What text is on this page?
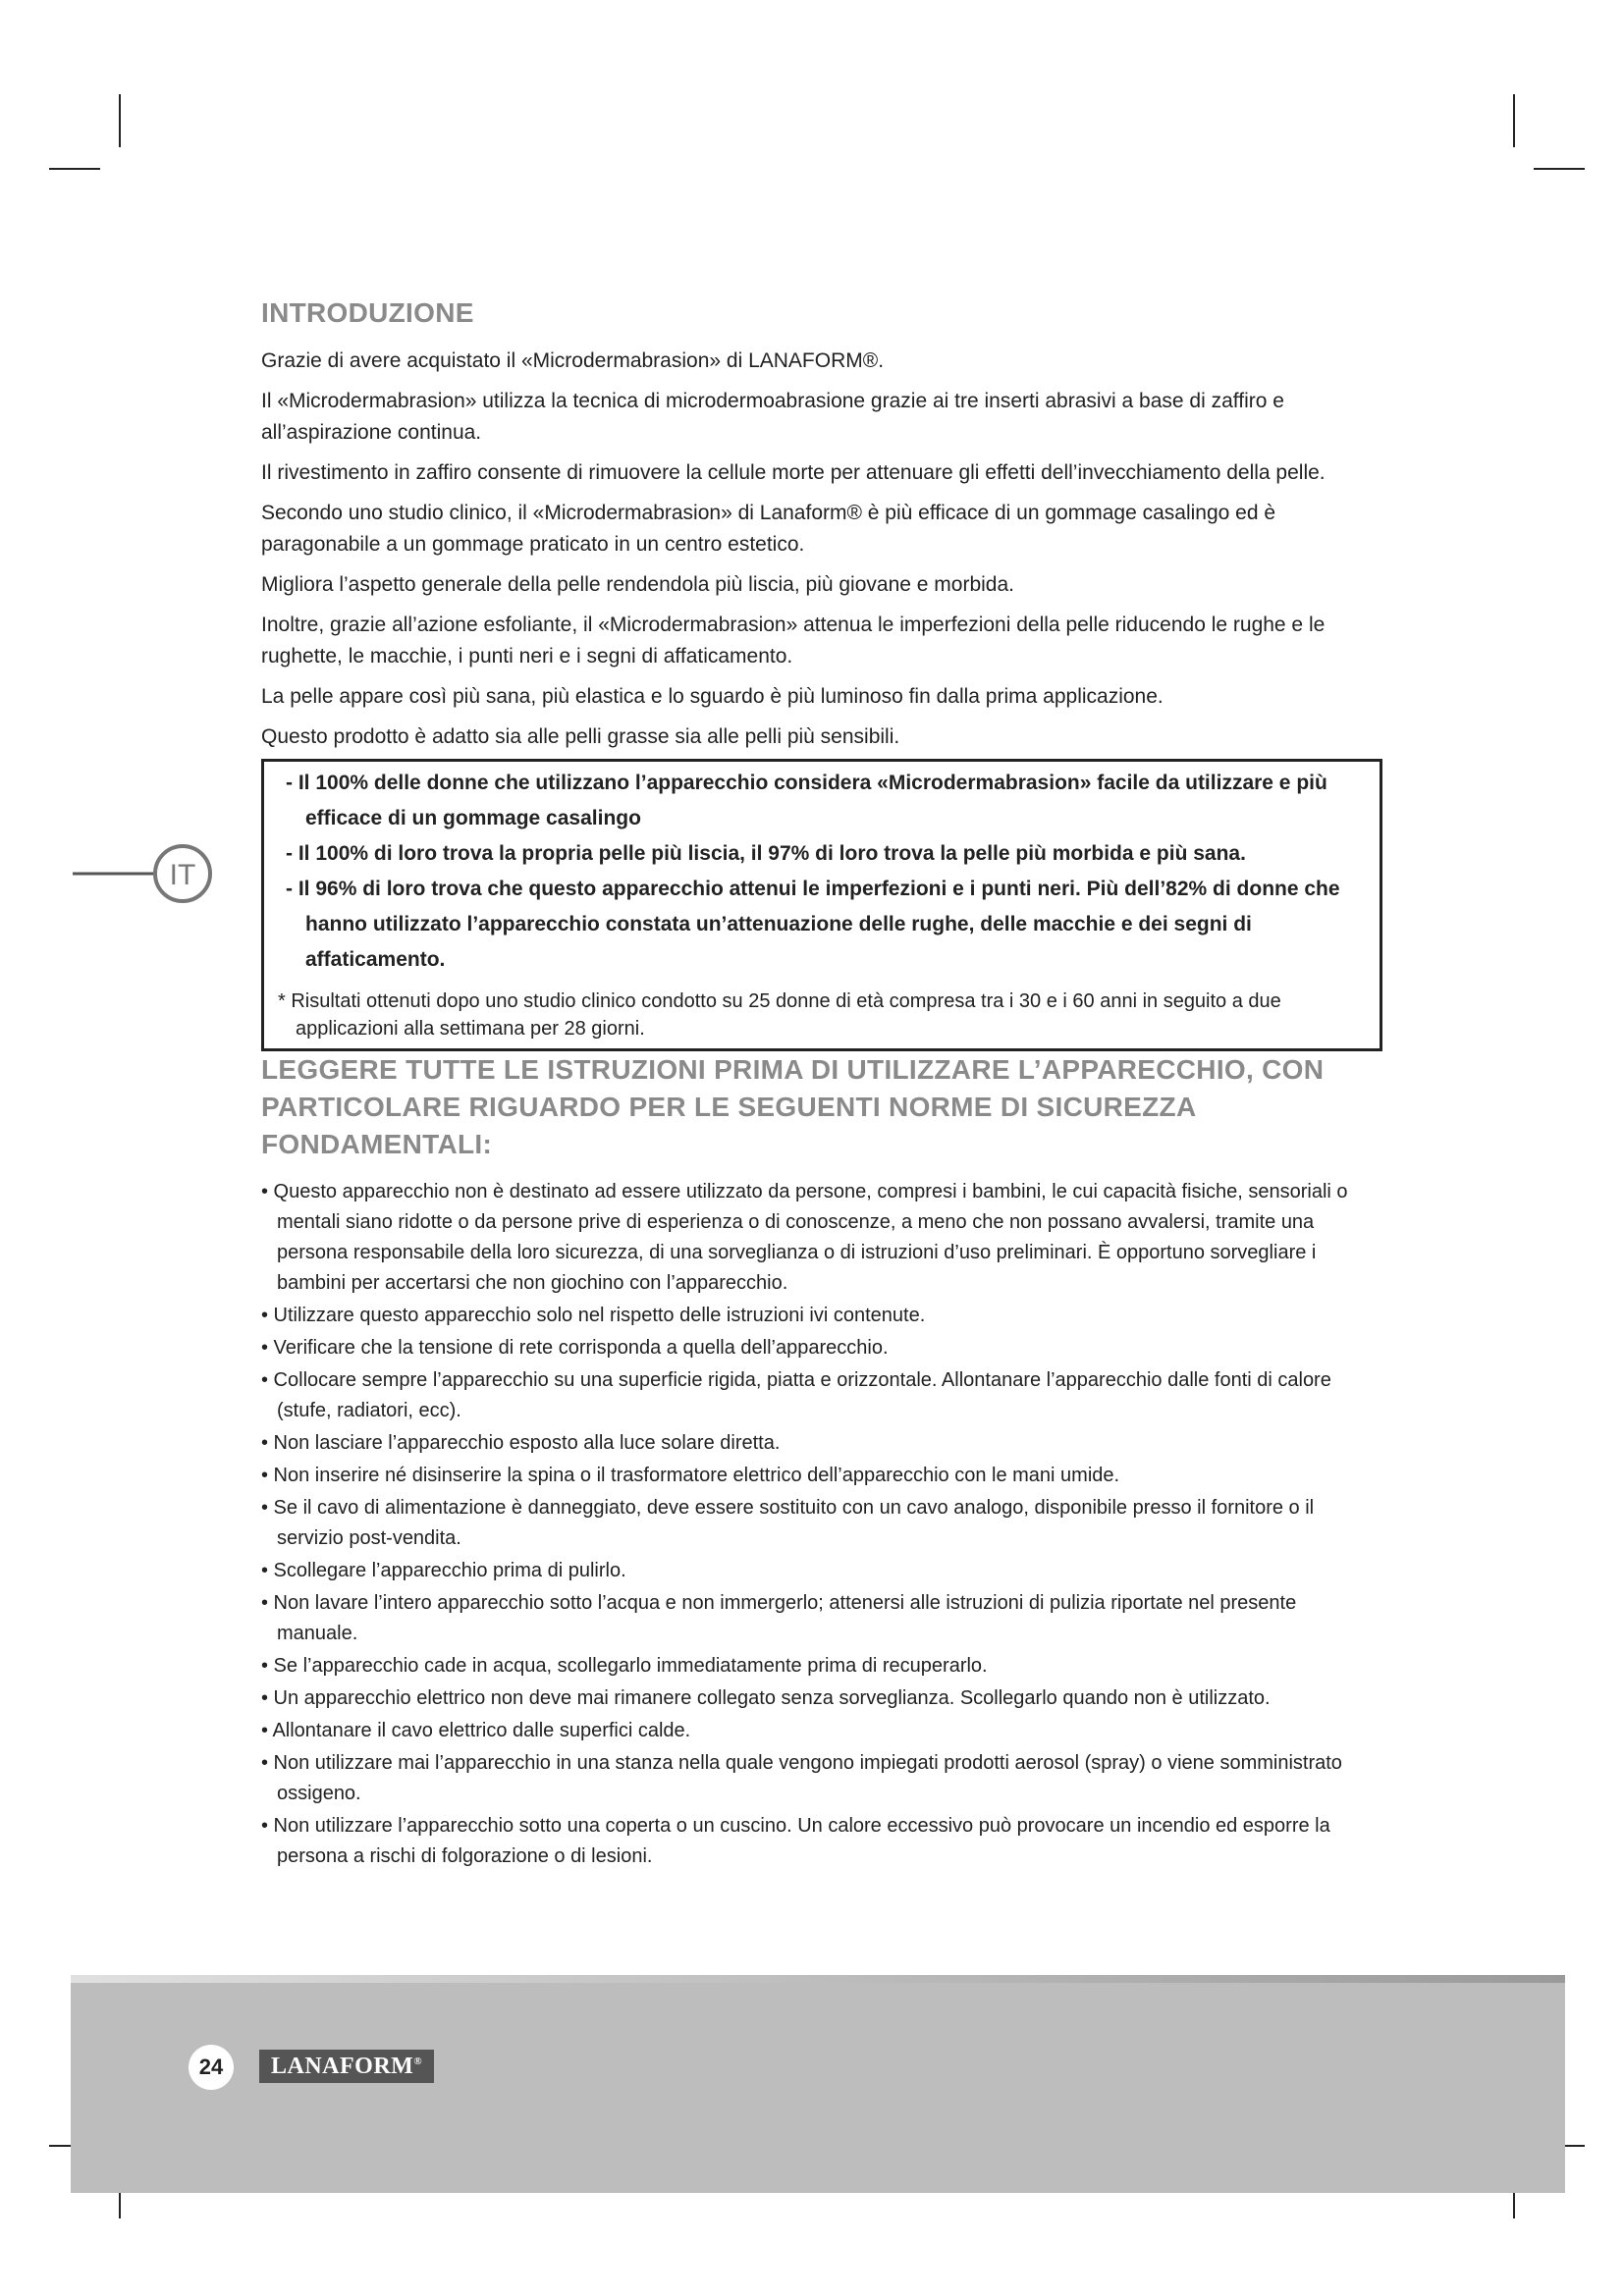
IT
INTRODUZIONE

Grazie di avere acquistato il «Microdermabrasion» di LANAFORM®.

Il «Microdermabrasion» utilizza la tecnica di microdermoabrasione grazie ai tre inserti abrasivi a base di zaffiro e all’aspirazione continua.

Il rivestimento in zaffiro consente di rimuovere la cellule morte per attenuare gli effetti dell’invecchiamento della pelle.

Secondo uno studio clinico, il «Microdermabrasion» di Lanaform® è più efficace di un gommage casalingo ed è paragonabile a un gommage praticato in un centro estetico.

Migliora l’aspetto generale della pelle rendendola più liscia, più giovane e morbida.

Inoltre, grazie all’azione esfoliante, il «Microdermabrasion» attenua le imperfezioni della pelle riducendo le rughe e le rughette, le macchie, i punti neri e i segni di affaticamento.

La pelle appare così più sana, più elastica e lo sguardo è più luminoso fin dalla prima applicazione.

Questo prodotto è adatto sia alle pelli grasse sia alle pelli più sensibili.

- Il 100% delle donne che utilizzano l’apparecchio considera «Microdermabrasion» facile da utilizzare e più efficace di un gommage casalingo
- Il 100% di loro trova la propria pelle più liscia, il 97% di loro trova la pelle più morbida e più sana.
- Il 96% di loro trova che questo apparecchio attenui le imperfezioni e i punti neri. Più dell’82% di donne che hanno utilizzato l’apparecchio constata un’attenuazione delle rughe, delle macchie e dei segni di affaticamento.
* Risultati ottenuti dopo uno studio clinico condotto su 25 donne di età compresa tra i 30 e i 60 anni in seguito a due applicazioni alla settimana per 28 giorni.
LEGGERE TUTTE LE ISTRUZIONI PRIMA DI UTILIZZARE L’APPARECCHIO, CON PARTICOLARE RIGUARDO PER LE SEGUENTI NORME DI SICUREZZA FONDAMENTALI:
• Questo apparecchio non è destinato ad essere utilizzato da persone, compresi i bambini, le cui capacità fisiche, sensoriali o mentali siano ridotte o da persone prive di esperienza o di conoscenze, a meno che non possano avvalersi, tramite una persona responsabile della loro sicurezza, di una sorveglianza o di istruzioni d’uso preliminari. È opportuno sorvegliare i bambini per accertarsi che non giochino con l’apparecchio.
• Utilizzare questo apparecchio solo nel rispetto delle istruzioni ivi contenute.
• Verificare che la tensione di rete corrisponda a quella dell’apparecchio.
• Collocare sempre l’apparecchio su una superficie rigida, piatta e orizzontale. Allontanare l’apparecchio dalle fonti di calore (stufe, radiatori, ecc).
• Non lasciare l’apparecchio esposto alla luce solare diretta.
• Non inserire né disinserire la spina o il trasformatore elettrico dell’apparecchio con le mani umide.
• Se il cavo di alimentazione è danneggiato, deve essere sostituito con un cavo analogo, disponibile presso il fornitore o il servizio post-vendita.
• Scollegare l’apparecchio prima di pulirlo.
• Non lavare l’intero apparecchio sotto l’acqua e non immergerlo; attenersi alle istruzioni di pulizia riportate nel presente manuale.
• Se l’apparecchio cade in acqua, scollegarlo immediatamente prima di recuperarlo.
• Un apparecchio elettrico non deve mai rimanere collegato senza sorveglianza. Scollegarlo quando non è utilizzato.
• Allontanare il cavo elettrico dalle superfici calde.
• Non utilizzare mai l’apparecchio in una stanza nella quale vengono impiegati prodotti aerosol (spray) o viene somministrato ossigeno.
• Non utilizzare l’apparecchio sotto una coperta o un cuscino. Un calore eccessivo può provocare un incendio ed esporre la persona a rischi di folgorazione o di lesioni.
24	LANAFORM®
